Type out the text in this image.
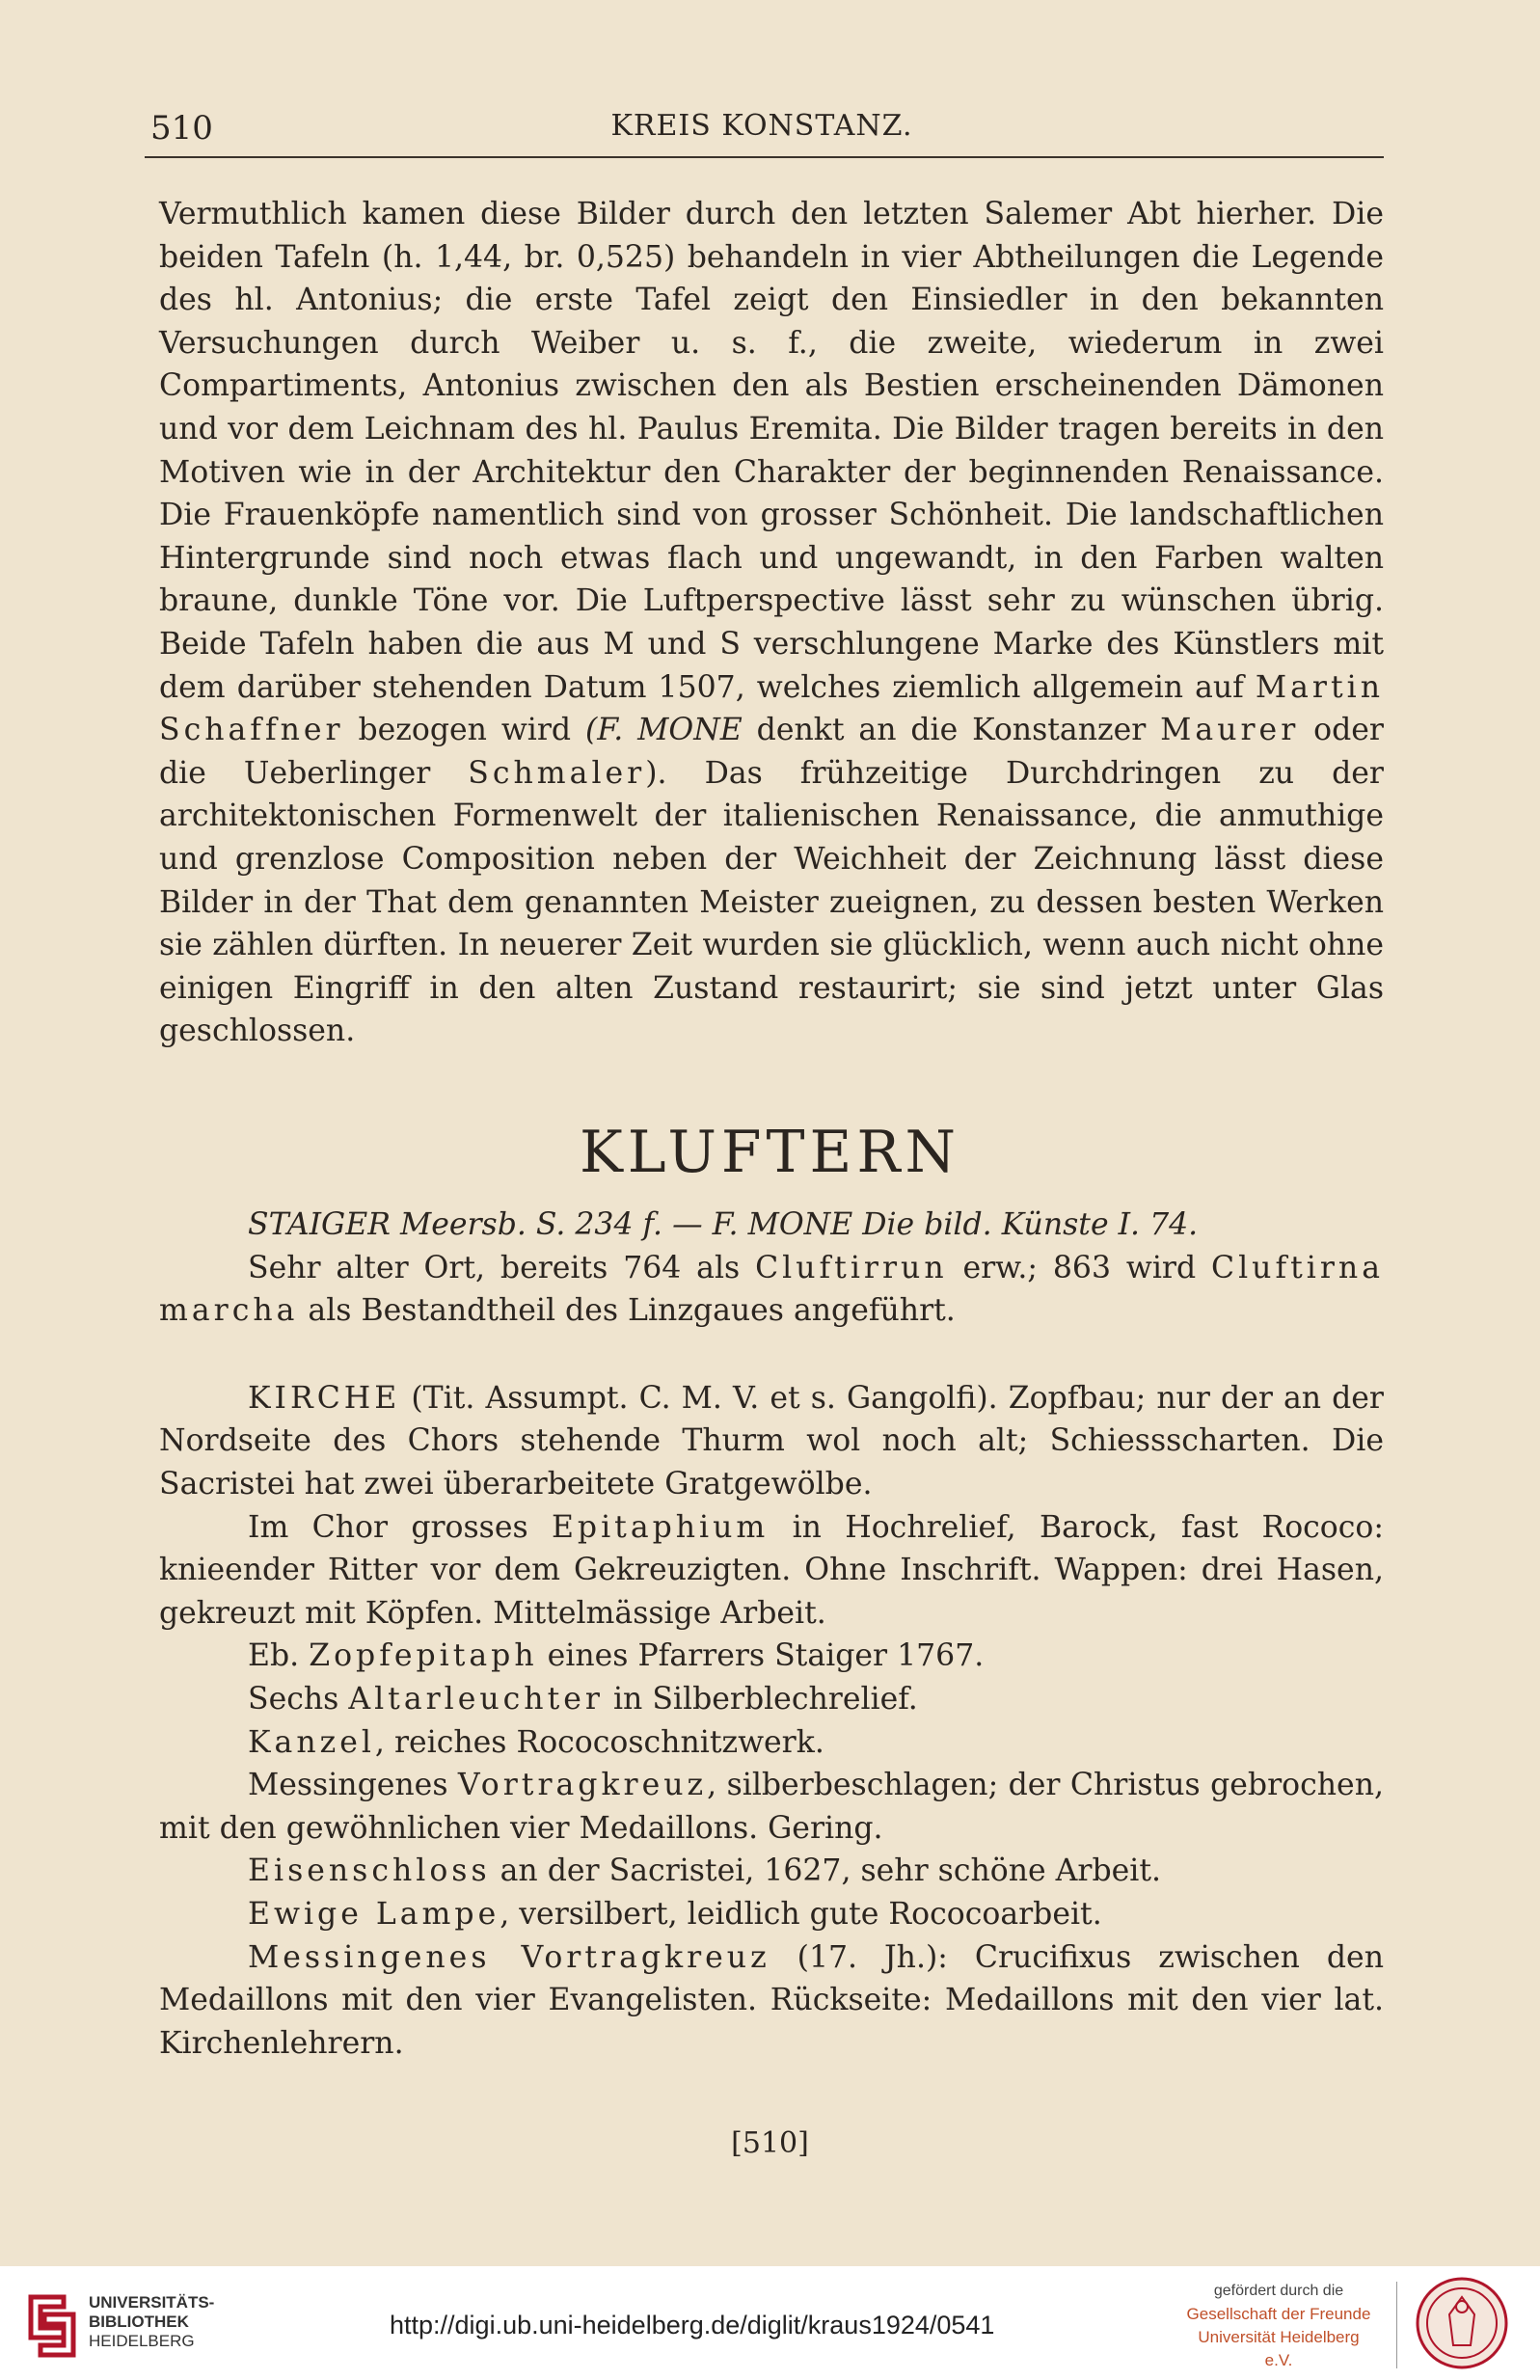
510	KREIS KONSTANZ.

Vermuthlich kamen diese Bilder durch den letzten Salemer Abt hierher. Die beiden Tafeln (h. 1,44, br. 0,525) behandeln in vier Abtheilungen die Legende des hl. Antonius; die erste Tafel zeigt den Einsiedler in den bekannten Versuchungen durch Weiber u. s. f., die zweite, wiederum in zwei Compartiments, Antonius zwischen den als Bestien erscheinenden Dämonen und vor dem Leichnam des hl. Paulus Eremita. Die Bilder tragen bereits in den Motiven wie in der Architektur den Charakter der beginnenden Renaissance. Die Frauenköpfe namentlich sind von grosser Schönheit. Die landschaftlichen Hintergrunde sind noch etwas flach und ungewandt, in den Farben walten braune, dunkle Töne vor. Die Luftperspective lässt sehr zu wünschen übrig. Beide Tafeln haben die aus M und S verschlungene Marke des Künstlers mit dem darüber stehenden Datum 1507, welches ziemlich allgemein auf Martin Schaffner bezogen wird (F. MONE denkt an die Konstanzer Maurer oder die Ueberlinger Schmaler). Das frühzeitige Durchdringen zu der architektonischen Formenwelt der italienischen Renaissance, die anmuthige und grenzlose Composition neben der Weichheit der Zeichnung lässt diese Bilder in der That dem genannten Meister zueignen, zu dessen besten Werken sie zählen dürften. In neuerer Zeit wurden sie glücklich, wenn auch nicht ohne einigen Eingriff in den alten Zustand restaurirt; sie sind jetzt unter Glas geschlossen.

KLUFTERN

STAIGER Meersb. S. 234 f. — F. MONE Die bild. Künste I. 74.

Sehr alter Ort, bereits 764 als Cluftirrun erw.; 863 wird Cluftirna marcha als Bestandtheil des Linzgaues angeführt.

KIRCHE (Tit. Assumpt. C. M. V. et s. Gangolfi). Zopfbau; nur der an der Nordseite des Chors stehende Thurm wol noch alt; Schiessscharten. Die Sacristei hat zwei überarbeitete Gratgewölbe.

Im Chor grosses Epitaphium in Hochrelief, Barock, fast Rococo: knieender Ritter vor dem Gekreuzigten. Ohne Inschrift. Wappen: drei Hasen, gekreuzt mit Köpfen. Mittelmässige Arbeit.

Eb. Zopfepitaph eines Pfarrers Staiger 1767.

Sechs Altarleuchter in Silberblechrelief.

Kanzel, reiches Rococoschnitzwerk.

Messingenes Vortragkreuz, silberbeschlagen; der Christus gebrochen, mit den gewöhnlichen vier Medaillons. Gering.

Eisenschloss an der Sacristei, 1627, sehr schöne Arbeit.

Ewige Lampe, versilbert, leidlich gute Rococoarbeit.

Messingenes Vortragkreuz (17. Jh.): Crucifixus zwischen den Medaillons mit den vier Evangelisten. Rückseite: Medaillons mit den vier lat. Kirchenlehrern.

[510]
UNIVERSITÄTS-
BIBLIOTHEK
HEIDELBERG
http://digi.ub.uni-heidelberg.de/diglit/kraus1924/0541
gefördert durch die
Gesellschaft der Freunde
Universität Heidelberg e.V.
